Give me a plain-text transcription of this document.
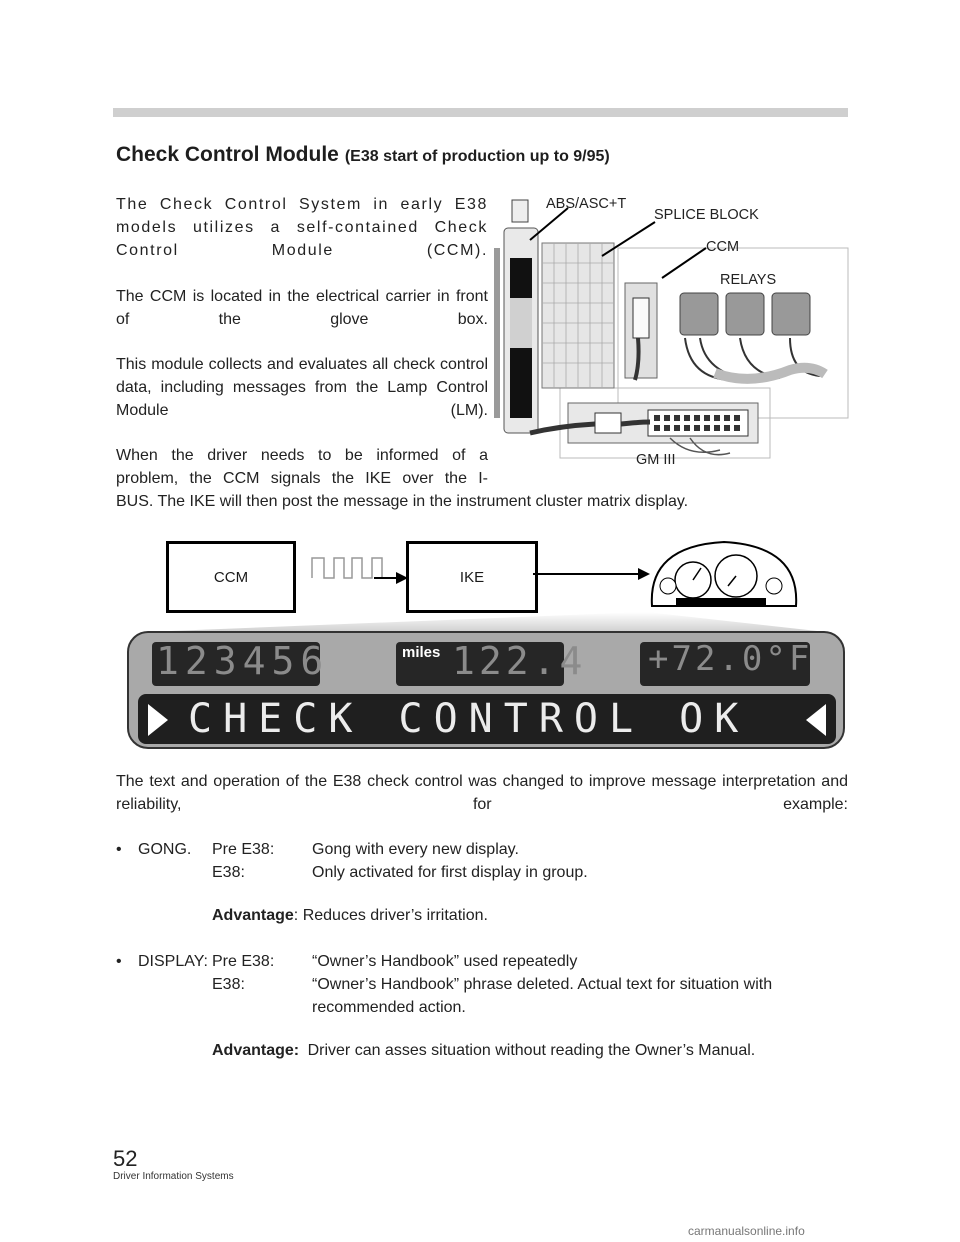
Check Control Module (E38 start of production up to 9/95)
The Check Control System in early E38 models utilizes a self-contained Check Control Module (CCM).
The CCM is located in the electrical carrier in front of the glove box.
This module collects and evaluates all check control data, including messages from the Lamp Control Module (LM).
When the driver needs to be informed of a
problem, the CCM signals the IKE over the I-
BUS. The IKE will then post the message in the instrument cluster matrix display.
ABS/ASC+T
SPLICE BLOCK
CCM
RELAYS
GM III
CCM	IKE
123456	miles 122.4 +72.0°F
CHECK CONTROL OK
The text and operation of the E38 check control was changed to improve message interpretation and reliability, for example:
• GONG. Pre E38: Gong with every new display.
E38:	Only activated for first display in group.
Advantage: Reduces driver’s irritation.
• DISPLAY: Pre E38: “Owner’s Handbook” used repeatedly
E38:	“Owner’s Handbook” phrase deleted. Actual text for situation with
recommended action.
Advantage: Driver can asses situation without reading the Owner’s Manual.
52
Driver Information Systems
carmanualsonline.info
